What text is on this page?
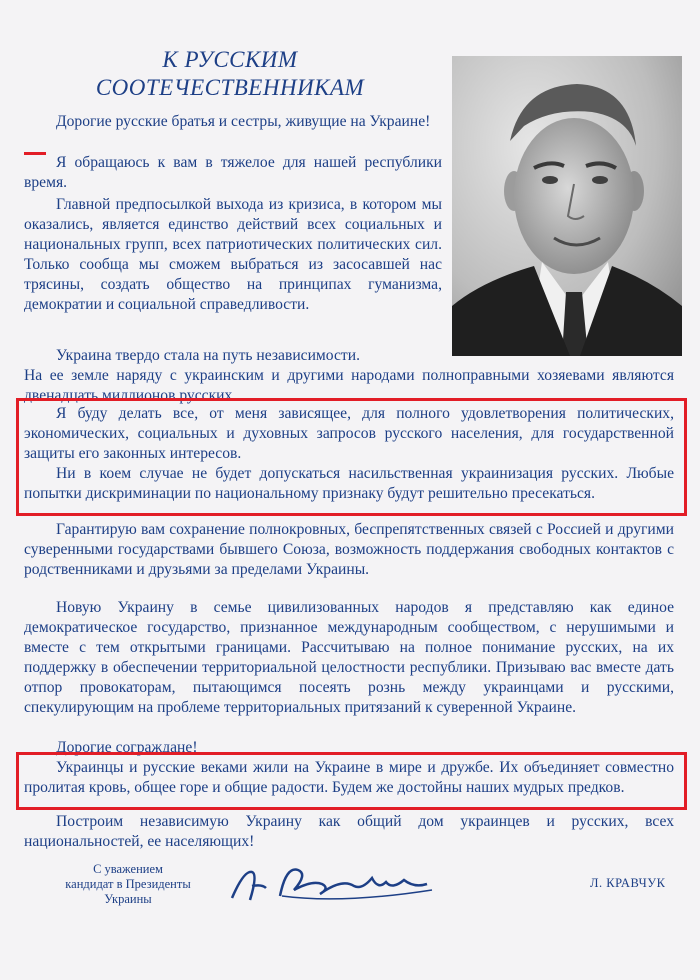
К РУССКИМ
СООТЕЧЕСТВЕННИКАМ

Дорогие русские братья и сестры, живущие на Украине!

Я обращаюсь к вам в тяжелое для нашей республики время.

Главной предпосылкой выхода из кризиса, в котором мы оказались, является единство действий всех социальных и национальных групп, всех патриотических политических сил. Только сообща мы сможем выбраться из засосавшей нас трясины, создать общество на принципах гуманизма, демократии и социальной справедливости.

Украина твердо стала на путь независимости.

На ее земле наряду с украинским и другими народами полноправными хозяевами являются двенадцать миллионов русских.

Я буду делать все, от меня зависящее, для полного удовлетворения политических, экономических, социальных и духовных запросов русского населения, для государственной защиты его законных интересов.

Ни в коем случае не будет допускаться насильственная украинизация русских. Любые попытки дискриминации по национальному признаку будут решительно пресекаться.

Гарантирую вам сохранение полнокровных, беспрепятственных связей с Россией и другими суверенными государствами бывшего Союза, возможность поддержания свободных контактов с родственниками и друзьями за пределами Украины.

Новую Украину в семье цивилизованных народов я представляю как единое демократическое государство, признанное международным сообществом, с нерушимыми и вместе с тем открытыми границами. Рассчитываю на полное понимание русских, на их поддержку в обеспечении территориальной целостности республики. Призываю вас вместе дать отпор провокаторам, пытающимся посеять рознь между украинцами и русскими, спекулирующим на проблеме территориальных притязаний к суверенной Украине.

Дорогие сограждане!

Украинцы и русские веками жили на Украине в мире и дружбе. Их объединяет совместно пролитая кровь, общее горе и общие радости. Будем же достойны наших мудрых предков.

Построим независимую Украину как общий дом украинцев и русских, всех национальностей, ее населяющих!

С уважением
кандидат в Президенты
Украины
Л. КРАВЧУК
